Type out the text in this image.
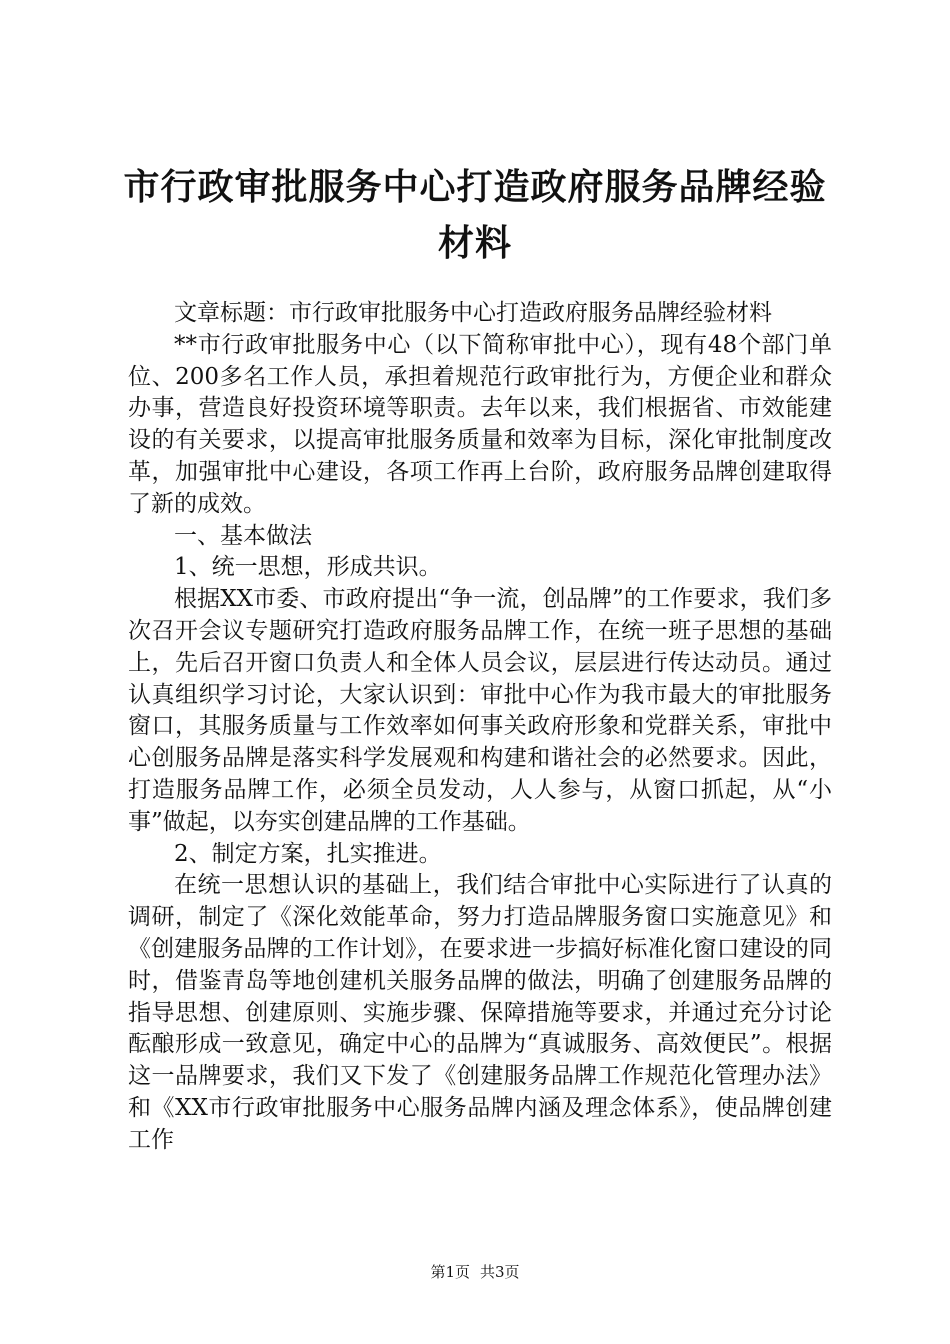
市行政审批服务中心打造政府服务品牌经验材料

文章标题：市行政审批服务中心打造政府服务品牌经验材料

**市行政审批服务中心（以下简称审批中心），现有48个部门单位、200多名工作人员，承担着规范行政审批行为，方便企业和群众办事，营造良好投资环境等职责。去年以来，我们根据省、市效能建设的有关要求，以提高审批服务质量和效率为目标，深化审批制度改革，加强审批中心建设，各项工作再上台阶，政府服务品牌创建取得了新的成效。

一、基本做法

1、统一思想，形成共识。

根据XX市委、市政府提出“争一流，创品牌”的工作要求，我们多次召开会议专题研究打造政府服务品牌工作，在统一班子思想的基础上，先后召开窗口负责人和全体人员会议，层层进行传达动员。通过认真组织学习讨论，大家认识到：审批中心作为我市最大的审批服务窗口，其服务质量与工作效率如何事关政府形象和党群关系，审批中心创服务品牌是落实科学发展观和构建和谐社会的必然要求。因此，打造服务品牌工作，必须全员发动，人人参与，从窗口抓起，从“小事”做起，以夯实创建品牌的工作基础。

2、制定方案，扎实推进。

在统一思想认识的基础上，我们结合审批中心实际进行了认真的调研，制定了《深化效能革命，努力打造品牌服务窗口实施意见》和《创建服务品牌的工作计划》，在要求进一步搞好标准化窗口建设的同时，借鉴青岛等地创建机关服务品牌的做法，明确了创建服务品牌的指导思想、创建原则、实施步骤、保障措施等要求，并通过充分讨论酝酿形成一致意见，确定中心的品牌为“真诚服务、高效便民”。根据这一品牌要求，我们又下发了《创建服务品牌工作规范化管理办法》和《XX市行政审批服务中心服务品牌内涵及理念体系》，使品牌创建工作

第1页 共3页
